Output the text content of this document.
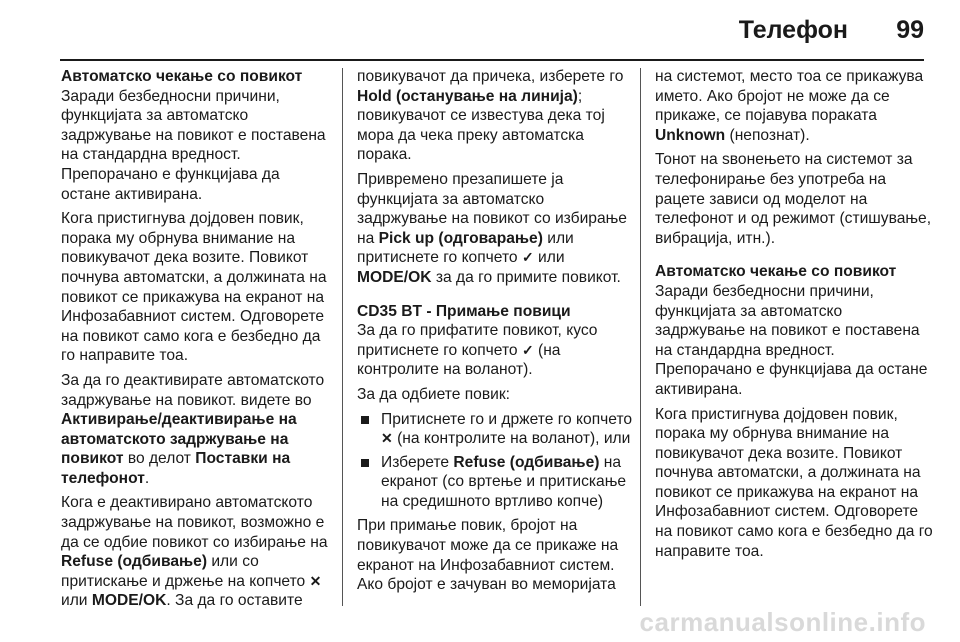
Телефон 99
Автоматско чекање со повикот

Заради безбедносни причини, функцијата за автоматско задржување на повикот е поставена на стандардна вредност. Препорачано е функцијава да остане активирана.

Кога пристигнува дојдовен повик, порака му обрнува внимание на повикувачот дека возите. Повикот почнува автоматски, а должината на повикот се прикажува на екранот на Инфозабавниот систем. Одговорете на повикот само кога е безбедно да го направите тоа.

За да го деактивирате автоматското задржување на повикот. видете во Активирање/деактивирање на автоматското задржување на повикот во делот Поставки на телефонот.

Кога е деактивирано автоматското задржување на повикот, возможно е да се одбие повикот со избирање на Refuse (одбивање) или со притискање и држење на копчето ✕ или MODE/OK. За да го оставите

повикувачот да причека, изберете го Hold (останување на линија); повикувачот се известува дека тој мора да чека преку автоматска порака.

Привремено презапишете ја функцијата за автоматско задржување на повикот со избирање на Pick up (одговарање) или притиснете го копчето ✓ или MODE/OK за да го примите повикот.

CD35 BT - Примање повици

За да го прифатите повикот, кусо притиснете го копчето ✓ (на контролите на воланот).

За да одбиете повик:

Притиснете го и држете го копчето ✕ (на контролите на воланот), или
Изберете Refuse (одбивање) на екранот (со вртење и притискање на средишното вртливо копче)

При примање повик, бројот на повикувачот може да се прикаже на екранот на Инфозабавниот систем. Ако бројот е зачуван во меморијата

на системот, место тоа се прикажува името. Ако бројот не може да се прикаже, се појавува пораката Unknown (непознат).

Тонот на ѕвонењето на системот за телефонирање без употреба на рацете зависи од моделот на телефонот и од режимот (стишување, вибрација, итн.).

Автоматско чекање со повикот

Заради безбедносни причини, функцијата за автоматско задржување на повикот е поставена на стандардна вредност. Препорачано е функцијава да остане активирана.

Кога пристигнува дојдовен повик, порака му обрнува внимание на повикувачот дека возите. Повикот почнува автоматски, а должината на повикот се прикажува на екранот на Инфозабавниот систем. Одговорете на повикот само кога е безбедно да го направите тоа.

carmanualsonline.info
